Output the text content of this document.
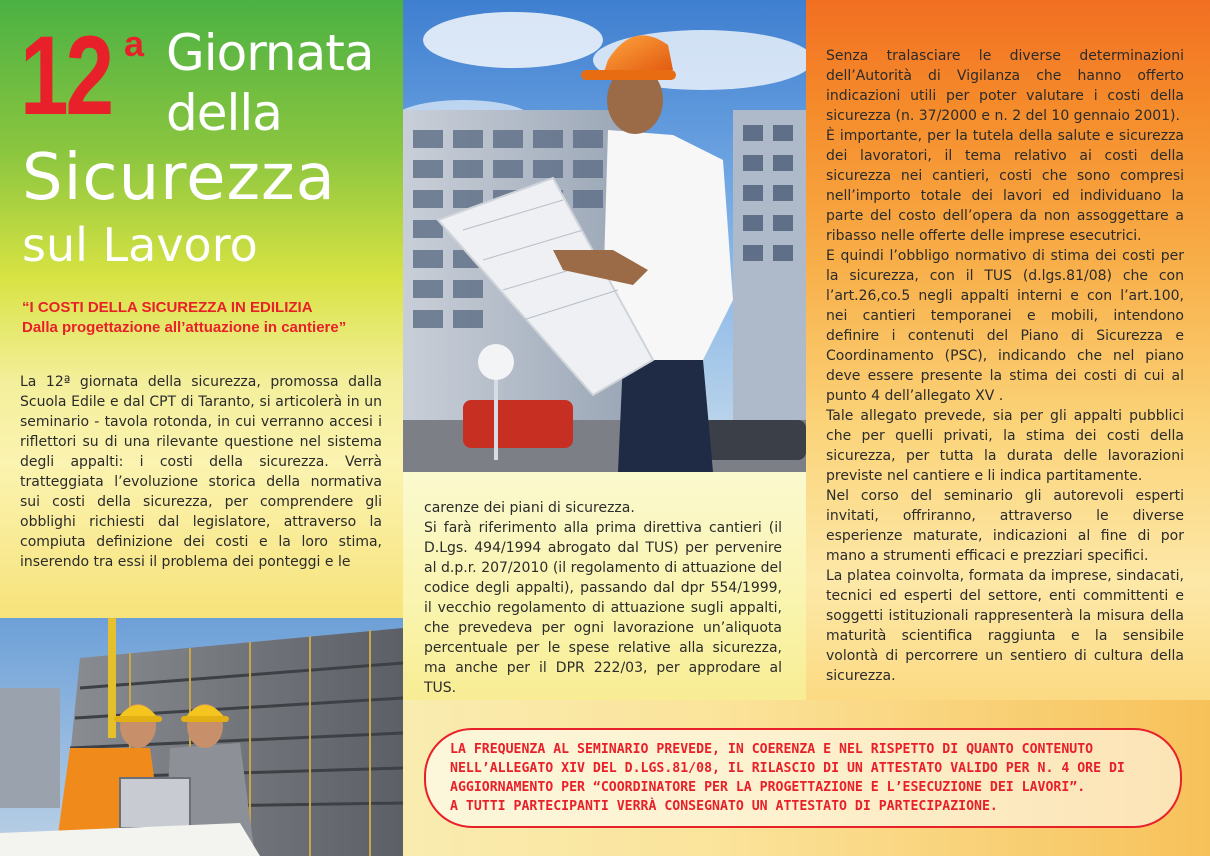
12 a Giornata
della
Sicurezza
sul Lavoro
“I COSTI DELLA SICUREZZA IN EDILIZIA
Dalla progettazione all’attuazione in cantiere”

La 12ª giornata della sicurezza, promossa dalla Scuola Edile e dal CPT di Taranto, si articolerà in un seminario - tavola rotonda, in cui verranno accesi i riflettori su di una rilevante questione nel sistema degli appalti: i costi della sicurezza. Verrà tratteggiata l’evoluzione storica della normativa sui costi della sicurezza, per comprendere gli obblighi richiesti dal legislatore, attraverso la compiuta definizione dei costi e la loro stima, inserendo tra essi il problema dei ponteggi e le

carenze dei piani di sicurezza.

Si farà riferimento alla prima direttiva cantieri (il D.Lgs. 494/1994 abrogato dal TUS) per pervenire al d.p.r. 207/2010 (il regolamento di attuazione del codice degli appalti), passando dal dpr 554/1999, il vecchio regolamento di attuazione sugli appalti, che prevedeva per ogni lavorazione un’aliquota percentuale per le spese relative alla sicurezza, ma anche per il DPR 222/03, per approdare al TUS.

Senza tralasciare le diverse determinazioni dell’Autorità di Vigilanza che hanno offerto indicazioni utili per poter valutare i costi della sicurezza (n. 37/2000 e n. 2 del 10 gennaio 2001).

È importante, per la tutela della salute e sicurezza dei lavoratori, il tema relativo ai costi della sicurezza nei cantieri, costi che sono compresi nell’importo totale dei lavori ed individuano la parte del costo dell’opera da non assoggettare a ribasso nelle offerte delle imprese esecutrici.

E quindi l’obbligo normativo di stima dei costi per la sicurezza, con il TUS (d.lgs.81/08) che con l’art.26,co.5 negli appalti interni e con l’art.100, nei cantieri temporanei e mobili, intendono definire i contenuti del Piano di Sicurezza e Coordinamento (PSC), indicando che nel piano deve essere presente la stima dei costi di cui al punto 4 dell’allegato XV .

Tale allegato prevede, sia per gli appalti pubblici che per quelli privati, la stima dei costi della sicurezza, per tutta la durata delle lavorazioni previste nel cantiere e li indica partitamente.

Nel corso del seminario gli autorevoli esperti invitati, offriranno, attraverso le diverse esperienze maturate, indicazioni al fine di por mano a strumenti efficaci e prezziari specifici.

La platea coinvolta, formata da imprese, sindacati, tecnici ed esperti del settore, enti committenti e soggetti istituzionali rappresenterà la misura della maturità scientifica raggiunta e la sensibile volontà di percorrere un sentiero di cultura della sicurezza.

LA FREQUENZA AL SEMINARIO PREVEDE, IN COERENZA E NEL RISPETTO DI QUANTO CONTENUTO

NELL’ALLEGATO XIV DEL D.LGS.81/08, IL RILASCIO DI UN ATTESTATO VALIDO PER N. 4 ORE DI

AGGIORNAMENTO PER “COORDINATORE PER LA PROGETTAZIONE E L’ESECUZIONE DEI LAVORI”.

A TUTTI PARTECIPANTI VERRÀ CONSEGNATO UN ATTESTATO DI PARTECIPAZIONE.
